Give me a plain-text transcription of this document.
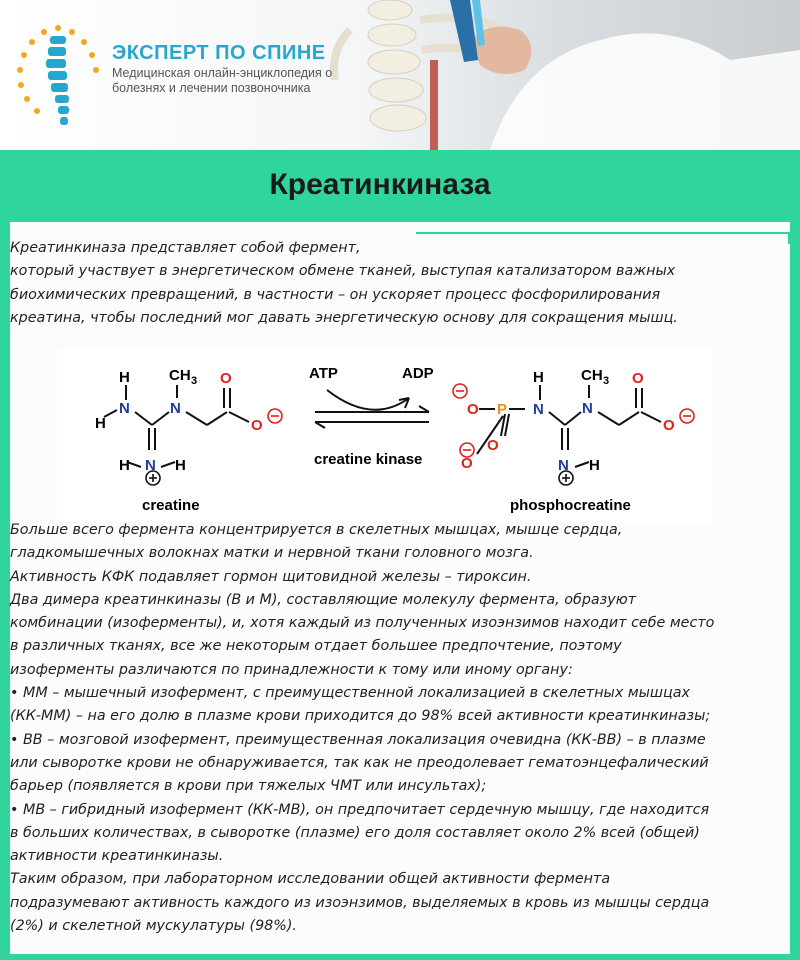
ЭКСПЕРТ ПО СПИНЕ
Медицинская онлайн-энциклопедия о болезнях и лечении позвоночника
Креатинкиназа
Креатинкиназа представляет собой фермент,
который участвует в энергетическом обмене тканей, выступая катализатором важных
биохимических превращений, в частности – он ускоряет процесс фосфорилирования
креатина, чтобы последний мог давать энергетическую основу для сокращения мышц.
H
H
N	N
CH 3 O
O
N
H	H
creatine
ATP	ADP
creatine kinase
O P
O
O
H
N	N
CH 3 O
O
N H
phosphocreatine
Больше всего фермента концентрируется в скелетных мышцах, мышце сердца,
гладкомышечных волокнах матки и нервной ткани головного мозга.
Активность КФК подавляет гормон щитовидной железы – тироксин.
Два димера креатинкиназы (В и М), составляющие молекулу фермента, образуют
комбинации (изоферменты), и, хотя каждый из полученных изоэнзимов находит себе место
в различных тканях, все же некоторым отдает большее предпочтение, поэтому
изоферменты различаются по принадлежности к тому или иному органу:
• ММ – мышечный изофермент, с преимущественной локализацией в скелетных мышцах
(КК-ММ) – на его долю в плазме крови приходится до 98% всей активности креатинкиназы;
• ВВ – мозговой изофермент, преимущественная локализация очевидна (КК-ВВ) – в плазме
или сыворотке крови не обнаруживается, так как не преодолевает гематоэнцефалический
барьер (появляется в крови при тяжелых ЧМТ или инсультах);
• МВ – гибридный изофермент (КК-МВ), он предпочитает сердечную мышцу, где находится
в больших количествах, в сыворотке (плазме) его доля составляет около 2% всей (общей)
активности креатинкиназы.
Таким образом, при лабораторном исследовании общей активности фермента
подразумевают активность каждого из изоэнзимов, выделяемых в кровь из мышцы сердца
(2%) и скелетной мускулатуры (98%).
